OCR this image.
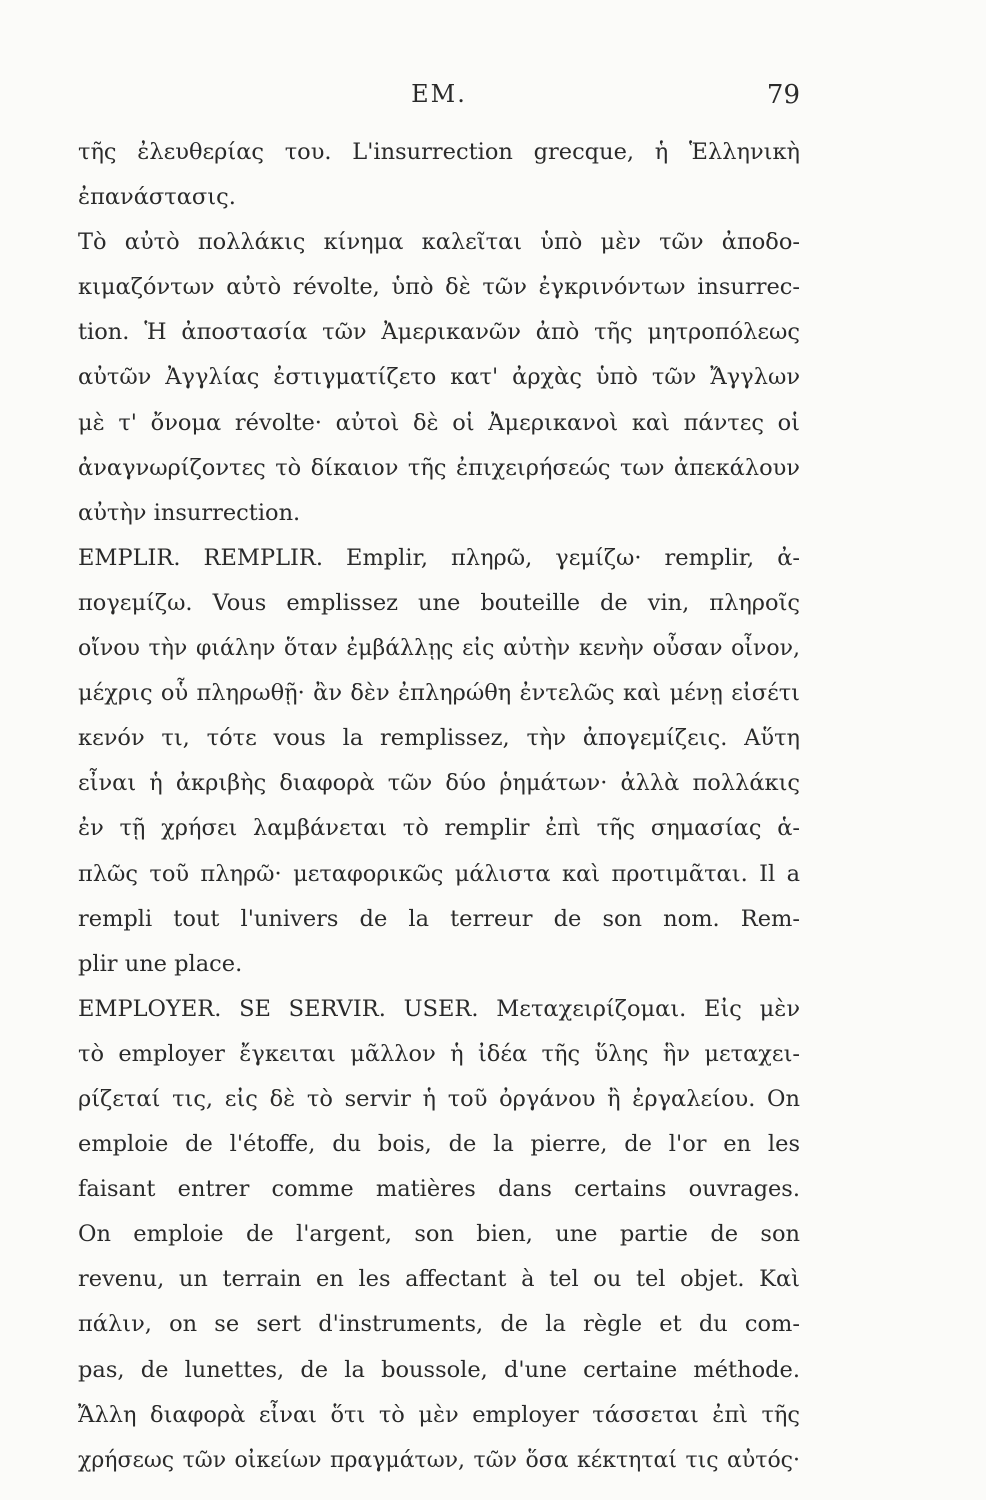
EM.	79
τῆς ἐλευθερίας του. L'insurrection grecque, ἡ Ἑλληνικὴ
ἐπανάστασις.
Τὸ αὐτὸ πολλάκις κίνημα καλεῖται ὑπὸ μὲν τῶν ἀποδο-
κιμαζόντων αὐτὸ révolte, ὑπὸ δὲ τῶν ἐγκρινόντων insurrec-
tion. Ἡ ἀποστασία τῶν Ἀμερικανῶν ἀπὸ τῆς μητροπόλεως
αὐτῶν Ἀγγλίας ἐστιγματίζετο κατ' ἀρχὰς ὑπὸ τῶν Ἄγγλων
μὲ τ' ὄνομα révolte· αὐτοὶ δὲ οἱ Ἀμερικανοὶ καὶ πάντες οἱ
ἀναγνωρίζοντες τὸ δίκαιον τῆς ἐπιχειρήσεώς των ἀπεκάλουν
αὐτὴν insurrection.
EMPLIR. REMPLIR. Emplir, πληρῶ, γεμίζω· remplir, ἀ-
πογεμίζω. Vous emplissez une bouteille de vin, πληροῖς
οἴνου τὴν φιάλην ὅταν ἐμβάλλῃς εἰς αὐτὴν κενὴν οὖσαν οἶνον,
μέχρις οὗ πληρωθῇ· ἂν δὲν ἐπληρώθη ἐντελῶς καὶ μένῃ εἰσέτι
κενόν τι, τότε vous la remplissez, τὴν ἀπογεμίζεις. Αὕτη
εἶναι ἡ ἀκριβὴς διαφορὰ τῶν δύο ῥημάτων· ἀλλὰ πολλάκις
ἐν τῇ χρήσει λαμβάνεται τὸ remplir ἐπὶ τῆς σημασίας ἁ-
πλῶς τοῦ πληρῶ· μεταφορικῶς μάλιστα καὶ προτιμᾶται. Il a
rempli tout l'univers de la terreur de son nom. Rem-
plir une place.
EMPLOYER. SE SERVIR. USER. Μεταχειρίζομαι. Εἰς μὲν
τὸ employer ἔγκειται μᾶλλον ἡ ἰδέα τῆς ὕλης ἣν μεταχει-
ρίζεταί τις, εἰς δὲ τὸ servir ἡ τοῦ ὀργάνου ἢ ἐργαλείου. On
emploie de l'étoffe, du bois, de la pierre, de l'or en les
faisant entrer comme matières dans certains ouvrages.
On emploie de l'argent, son bien, une partie de son
revenu, un terrain en les affectant à tel ou tel objet. Καὶ
πάλιν, on se sert d'instruments, de la règle et du com-
pas, de lunettes, de la boussole, d'une certaine méthode.
Ἄλλη διαφορὰ εἶναι ὅτι τὸ μὲν employer τάσσεται ἐπὶ τῆς
χρήσεως τῶν οἰκείων πραγμάτων, τῶν ὅσα κέκτηταί τις αὐτός·
